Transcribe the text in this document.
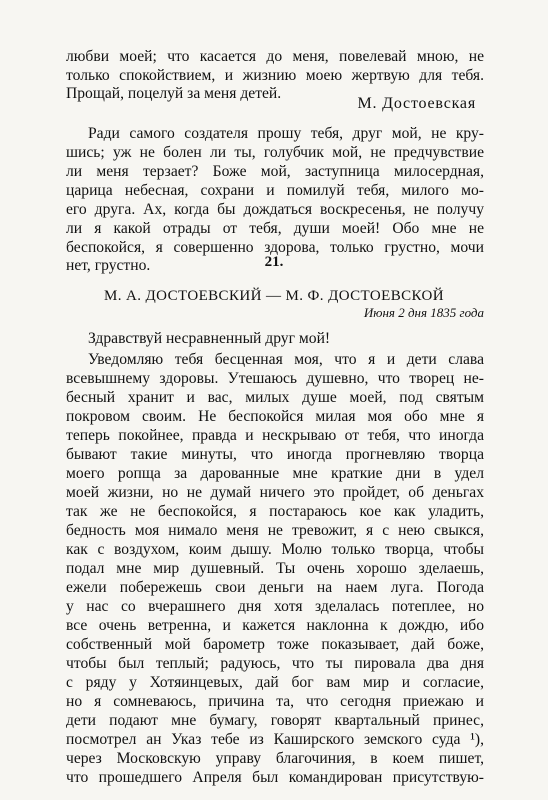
любви моей; что касается до меня, повелевай мною, не
только спокойствием, и жизнию моею жертвую для тебя.
Прощай, поцелуй за меня детей.
М. Достоевская
Ради самого создателя прошу тебя, друг мой, не кру-
шись; уж не болен ли ты, голубчик мой, не предчувствие
ли меня терзает? Боже мой, заступница милосердная,
царица небесная, сохрани и помилуй тебя, милого мо-
его друга. Ах, когда бы дождаться воскресенья, не получу
ли я какой отрады от тебя, души моей! Обо мне не
беспокойся, я совершенно здорова, только грустно, мочи
нет, грустно.	21.
М. А. ДОСТОЕВСКИЙ — М. Ф. ДОСТОЕВСКОЙ
Июня 2 дня 1835 года
Здравствуй несравненный друг мой!
Уведомляю тебя бесценная моя, что я и дети слава
всевышнему здоровы. Утешаюсь душевно, что творец не-
бесный хранит и вас, милых душе моей, под святым
покровом своим. Не беспокойся милая моя обо мне я
теперь покойнее, правда и нескрываю от тебя, что иногда
бывают такие минуты, что иногда прогневляю творца
моего ропща за дарованные мне краткие дни в удел
моей жизни, но не думай ничего это пройдет, об деньгах
так же не беспокойся, я постараюсь кое как уладить,
бедность моя нимало меня не тревожит, я с нею свыкся,
как с воздухом, коим дышу. Молю только творца, чтобы
подал мне мир душевный. Ты очень хорошо зделаешь,
ежели побережешь свои деньги на наем луга. Погода
у нас со вчерашнего дня хотя зделалась потеплее, но
все очень ветренна, и кажется наклонна к дождю, ибо
собственный мой барометр тоже показывает, дай боже,
чтобы был теплый; радуюсь, что ты пировала два дня
с ряду у Хотяинцевых, дай бог вам мир и согласие,
но я сомневаюсь, причина та, что сегодня приежаю и
дети подают мне бумагу, говорят квартальный принес,
посмотрел ан Указ тебе из Каширского земского суда ¹),
через Московскую управу благочиния, в коем пишет,
что прошедшего Апреля был командирован присутствую-
